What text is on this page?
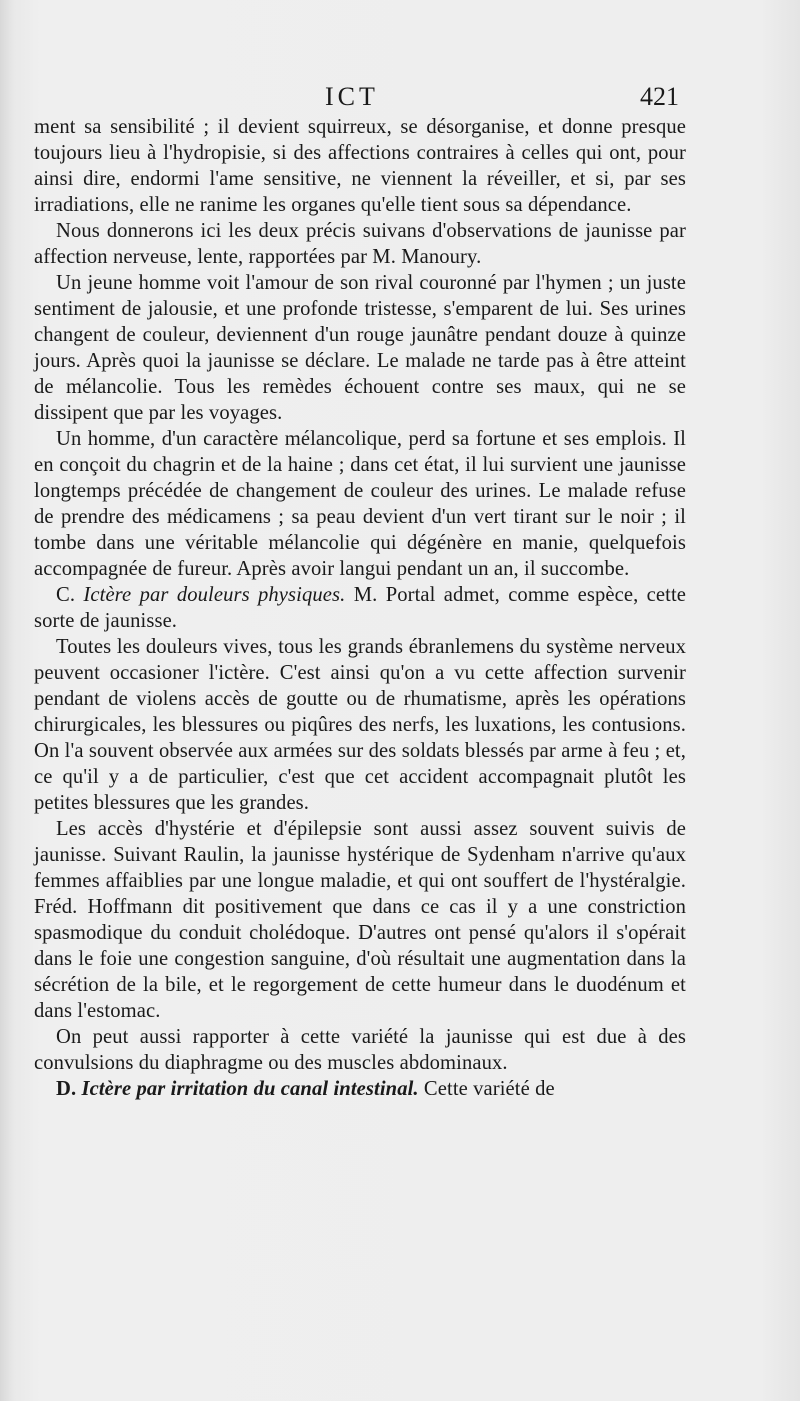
ICT	421

ment sa sensibilité ; il devient squirreux, se désorganise, et donne presque toujours lieu à l'hydropisie, si des affections contraires à celles qui ont, pour ainsi dire, endormi l'ame sensitive, ne viennent la réveiller, et si, par ses irradiations, elle ne ranime les organes qu'elle tient sous sa dépendance.

Nous donnerons ici les deux précis suivans d'observations de jaunisse par affection nerveuse, lente, rapportées par M. Manoury.

Un jeune homme voit l'amour de son rival couronné par l'hymen ; un juste sentiment de jalousie, et une profonde tristesse, s'emparent de lui. Ses urines changent de couleur, deviennent d'un rouge jaunâtre pendant douze à quinze jours. Après quoi la jaunisse se déclare. Le malade ne tarde pas à être atteint de mélancolie. Tous les remèdes échouent contre ses maux, qui ne se dissipent que par les voyages.

Un homme, d'un caractère mélancolique, perd sa fortune et ses emplois. Il en conçoit du chagrin et de la haine ; dans cet état, il lui survient une jaunisse longtemps précédée de changement de couleur des urines. Le malade refuse de prendre des médicamens ; sa peau devient d'un vert tirant sur le noir ; il tombe dans une véritable mélancolie qui dégénère en manie, quelquefois accompagnée de fureur. Après avoir langui pendant un an, il succombe.

C. Ictère par douleurs physiques. M. Portal admet, comme espèce, cette sorte de jaunisse.

Toutes les douleurs vives, tous les grands ébranlemens du système nerveux peuvent occasioner l'ictère. C'est ainsi qu'on a vu cette affection survenir pendant de violens accès de goutte ou de rhumatisme, après les opérations chirurgicales, les blessures ou piqûres des nerfs, les luxations, les contusions. On l'a souvent observée aux armées sur des soldats blessés par arme à feu ; et, ce qu'il y a de particulier, c'est que cet accident accompagnait plutôt les petites blessures que les grandes.

Les accès d'hystérie et d'épilepsie sont aussi assez souvent suivis de jaunisse. Suivant Raulin, la jaunisse hystérique de Sydenham n'arrive qu'aux femmes affaiblies par une longue maladie, et qui ont souffert de l'hystéralgie. Fréd. Hoffmann dit positivement que dans ce cas il y a une constriction spasmodique du conduit cholédoque. D'autres ont pensé qu'alors il s'opérait dans le foie une congestion sanguine, d'où résultait une augmentation dans la sécrétion de la bile, et le regorgement de cette humeur dans le duodénum et dans l'estomac.

On peut aussi rapporter à cette variété la jaunisse qui est due à des convulsions du diaphragme ou des muscles abdominaux.

D. Ictère par irritation du canal intestinal. Cette variété de
